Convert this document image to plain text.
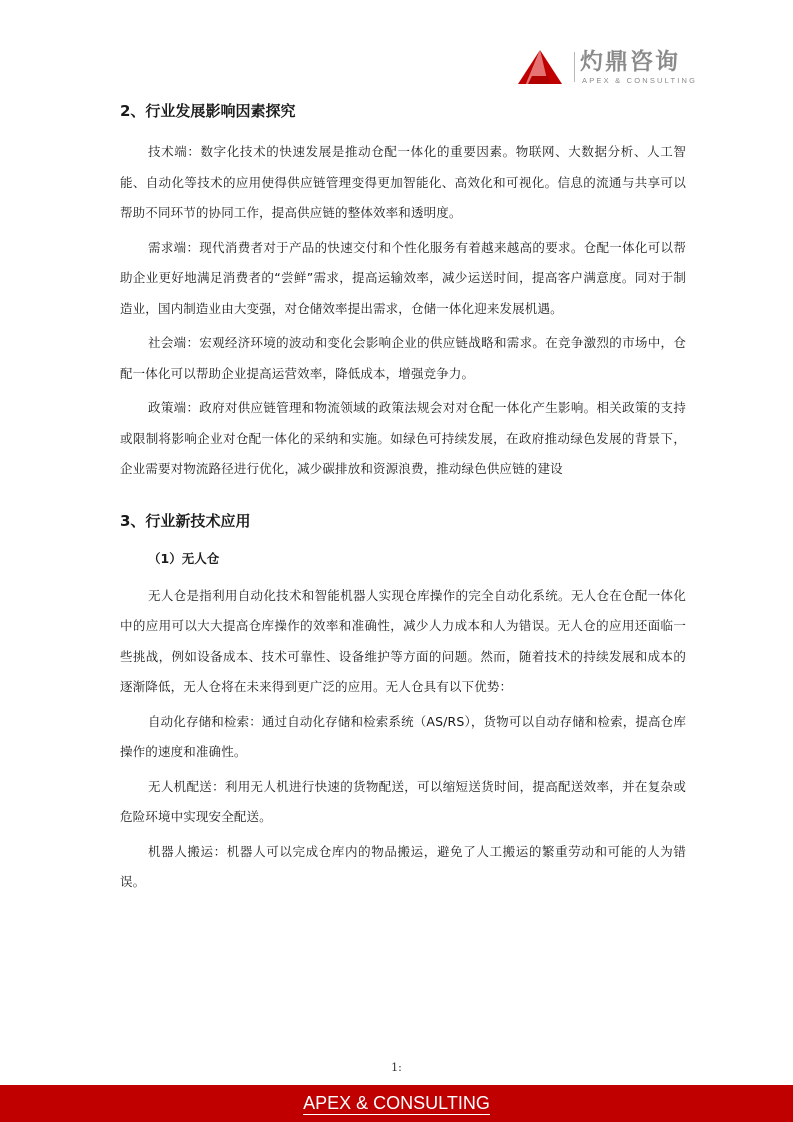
灼鼎咨询
APEX & CONSULTING
2、行业发展影响因素探究

技术端：数字化技术的快速发展是推动仓配一体化的重要因素。物联网、大数据分析、人工智能、自动化等技术的应用使得供应链管理变得更加智能化、高效化和可视化。信息的流通与共享可以帮助不同环节的协同工作，提高供应链的整体效率和透明度。

需求端：现代消费者对于产品的快速交付和个性化服务有着越来越高的要求。仓配一体化可以帮助企业更好地满足消费者的“尝鲜”需求，提高运输效率，减少运送时间，提高客户满意度。同对于制造业，国内制造业由大变强，对仓储效率提出需求，仓储一体化迎来发展机遇。

社会端：宏观经济环境的波动和变化会影响企业的供应链战略和需求。在竞争激烈的市场中，仓配一体化可以帮助企业提高运营效率，降低成本，增强竞争力。

政策端：政府对供应链管理和物流领域的政策法规会对对仓配一体化产生影响。相关政策的支持或限制将影响企业对仓配一体化的采纳和实施。如绿色可持续发展，在政府推动绿色发展的背景下，企业需要对物流路径进行优化，减少碳排放和资源浪费，推动绿色供应链的建设

3、行业新技术应用
（1）无人仓

无人仓是指利用自动化技术和智能机器人实现仓库操作的完全自动化系统。无人仓在仓配一体化中的应用可以大大提高仓库操作的效率和准确性，减少人力成本和人为错误。无人仓的应用还面临一些挑战，例如设备成本、技术可靠性、设备维护等方面的问题。然而，随着技术的持续发展和成本的逐渐降低，无人仓将在未来得到更广泛的应用。无人仓具有以下优势：

自动化存储和检索：通过自动化存储和检索系统（AS/RS），货物可以自动存储和检索，提高仓库操作的速度和准确性。

无人机配送：利用无人机进行快速的货物配送，可以缩短送货时间，提高配送效率，并在复杂或危险环境中实现安全配送。

机器人搬运：机器人可以完成仓库内的物品搬运，避免了人工搬运的繁重劳动和可能的人为错误。

1:
APEX & CONSULTING
